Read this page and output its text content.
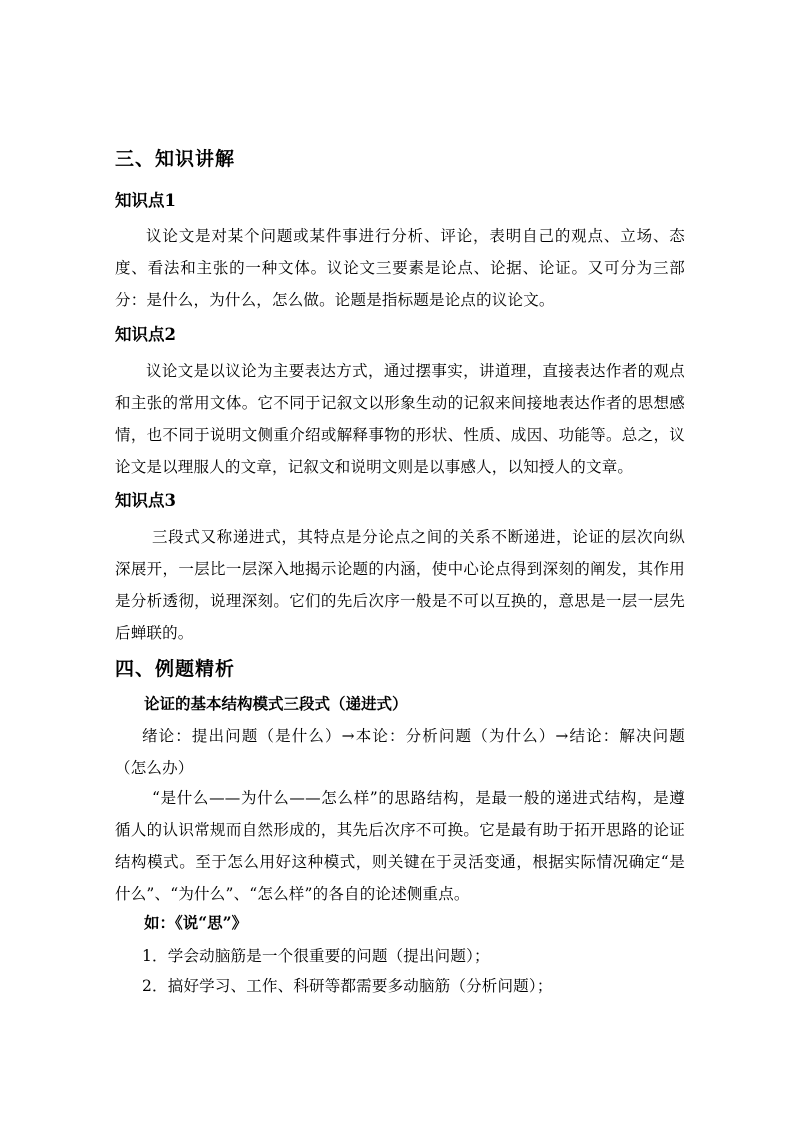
三、知识讲解
知识点1

议论文是对某个问题或某件事进行分析、评论，表明自己的观点、立场、态度、看法和主张的一种文体。议论文三要素是论点、论据、论证。又可分为三部分：是什么，为什么，怎么做。论题是指标题是论点的议论文。

知识点2

议论文是以议论为主要表达方式，通过摆事实，讲道理，直接表达作者的观点和主张的常用文体。它不同于记叙文以形象生动的记叙来间接地表达作者的思想感情，也不同于说明文侧重介绍或解释事物的形状、性质、成因、功能等。总之，议论文是以理服人的文章，记叙文和说明文则是以事感人，以知授人的文章。

知识点3

三段式又称递进式，其特点是分论点之间的关系不断递进，论证的层次向纵深展开，一层比一层深入地揭示论题的内涵，使中心论点得到深刻的阐发，其作用是分析透彻，说理深刻。它们的先后次序一般是不可以互换的，意思是一层一层先后蝉联的。

四、例题精析
论证的基本结构模式三段式（递进式）

绪论：提出问题（是什么）→本论：分析问题（为什么）→结论：解决问题（怎么办）

“是什么——为什么——怎么样”的思路结构，是最一般的递进式结构，是遵循人的认识常规而自然形成的，其先后次序不可换。它是最有助于拓开思路的论证结构模式。至于怎么用好这种模式，则关键在于灵活变通，根据实际情况确定“是什么”、“为什么”、“怎么样”的各自的论述侧重点。

如：《说“思”》
1．学会动脑筋是一个很重要的问题（提出问题）；
2．搞好学习、工作、科研等都需要多动脑筋（分析问题）；
